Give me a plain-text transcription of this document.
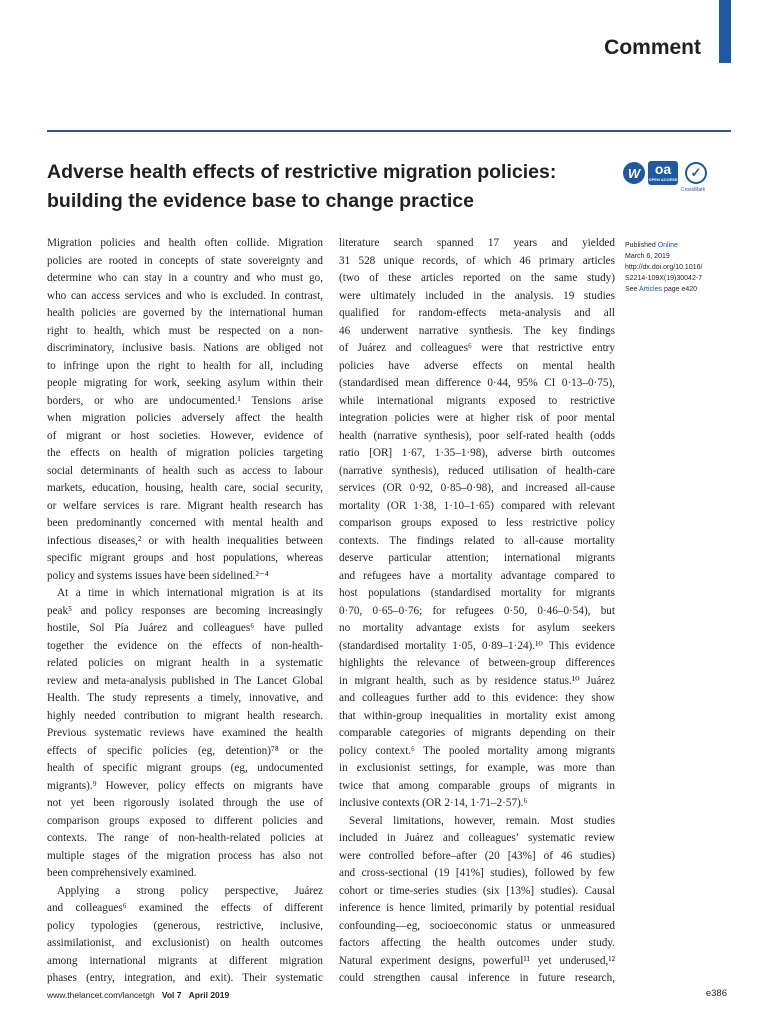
Comment
Adverse health effects of restrictive migration policies:
building the evidence base to change practice
W	oa
OPEN ACCESS	✓
CrossMark
Migration policies and health often collide. Migration
policies are rooted in concepts of state sovereignty and
determine who can stay in a country and who must go,
who can access services and who is excluded. In contrast,
health policies are governed by the international human
right to health, which must be respected on a non-
discriminatory, inclusive basis. Nations are obliged not
to infringe upon the right to health for all, including
people migrating for work, seeking asylum within their
borders, or who are undocumented.¹ Tensions arise
when migration policies adversely affect the health
of migrant or host societies. However, evidence of
the effects on health of migration policies targeting
social determinants of health such as access to labour
markets, education, housing, health care, social security,
or welfare services is rare. Migrant health research has
been predominantly concerned with mental health and
infectious diseases,² or with health inequalities between
specific migrant groups and host populations, whereas
policy and systems issues have been sidelined.²⁻⁴
At a time in which international migration is at its
peak⁵ and policy responses are becoming increasingly
hostile, Sol Pía Juárez and colleagues⁶ have pulled
together the evidence on the effects of non-health-
related policies on migrant health in a systematic
review and meta-analysis published in The Lancet Global
Health. The study represents a timely, innovative, and
highly needed contribution to migrant health research.
Previous systematic reviews have examined the health
effects of specific policies (eg, detention)⁷⁸ or the
health of specific migrant groups (eg, undocumented
migrants).⁹ However, policy effects on migrants have
not yet been rigorously isolated through the use of
comparison groups exposed to different policies and
contexts. The range of non-health-related policies at
multiple stages of the migration process has also not
been comprehensively examined.
Applying a strong policy perspective, Juárez
and colleagues⁶ examined the effects of different
policy typologies (generous, restrictive, inclusive,
assimilationist, and exclusionist) on health outcomes
among international migrants at different migration
phases (entry, integration, and exit). Their systematic
literature search spanned 17 years and yielded
31 528 unique records, of which 46 primary articles
(two of these articles reported on the same study)
were ultimately included in the analysis. 19 studies
qualified for random-effects meta-analysis and all
46 underwent narrative synthesis. The key findings
of Juárez and colleagues⁶ were that restrictive entry
policies have adverse effects on mental health
(standardised mean difference 0·44, 95% CI 0·13–0·75),
while international migrants exposed to restrictive
integration policies were at higher risk of poor mental
health (narrative synthesis), poor self-rated health (odds
ratio [OR] 1·67, 1·35–1·98), adverse birth outcomes
(narrative synthesis), reduced utilisation of health-care
services (OR 0·92, 0·85–0·98), and increased all-cause
mortality (OR 1·38, 1·10–1·65) compared with relevant
comparison groups exposed to less restrictive policy
contexts. The findings related to all-cause mortality
deserve particular attention; international migrants
and refugees have a mortality advantage compared to
host populations (standardised mortality for migrants
0·70, 0·65–0·76; for refugees 0·50, 0·46–0·54), but
no mortality advantage exists for asylum seekers
(standardised mortality 1·05, 0·89–1·24).¹⁰ This evidence
highlights the relevance of between-group differences
in migrant health, such as by residence status.¹⁰ Juárez
and colleagues further add to this evidence: they show
that within-group inequalities in mortality exist among
comparable categories of migrants depending on their
policy context.⁶ The pooled mortality among migrants
in exclusionist settings, for example, was more than
twice that among comparable groups of migrants in
inclusive contexts (OR 2·14, 1·71–2·57).⁶
Several limitations, however, remain. Most studies
included in Juárez and colleagues’ systematic review
were controlled before–after (20 [43%] of 46 studies)
and cross-sectional (19 [41%] studies), followed by few
cohort or time-series studies (six [13%] studies). Causal
inference is hence limited, primarily by potential residual
confounding—eg, socioeconomic status or unmeasured
factors affecting the health outcomes under study.
Natural experiment designs, powerful¹¹ yet underused,¹²
could strengthen causal inference in future research,
Published Online
March 6, 2019
http://dx.doi.org/10.1016/
S2214-109X(19)30042-7
See Articles page e420
www.thelancet.com/lancetgh Vol 7 April 2019	e386
